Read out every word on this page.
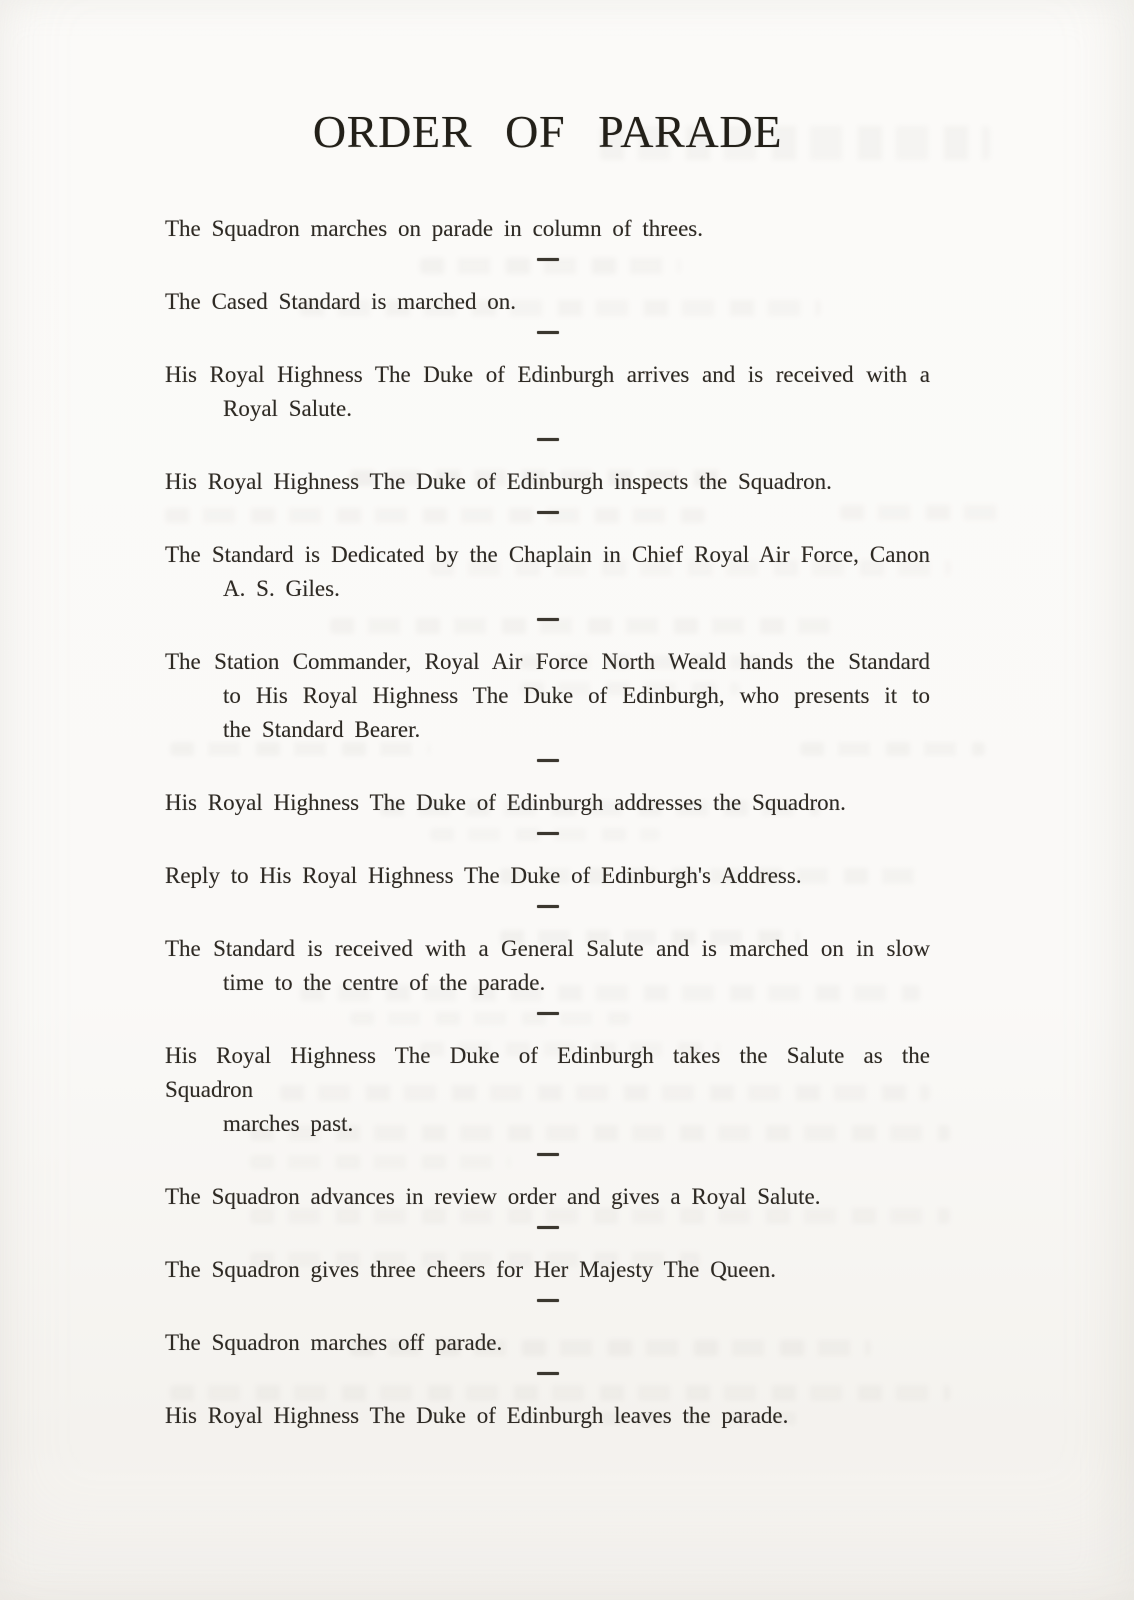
ORDER OF PARADE

The Squadron marches on parade in column of threes.

The Cased Standard is marched on.

His Royal Highness The Duke of Edinburgh arrives and is received with a
Royal Salute.

His Royal Highness The Duke of Edinburgh inspects the Squadron.

The Standard is Dedicated by the Chaplain in Chief Royal Air Force, Canon
A. S. Giles.

The Station Commander, Royal Air Force North Weald hands the Standard
to His Royal Highness The Duke of Edinburgh, who presents it to
the Standard Bearer.

His Royal Highness The Duke of Edinburgh addresses the Squadron.

Reply to His Royal Highness The Duke of Edinburgh's Address.

The Standard is received with a General Salute and is marched on in slow
time to the centre of the parade.

His Royal Highness The Duke of Edinburgh takes the Salute as the Squadron
marches past.

The Squadron advances in review order and gives a Royal Salute.

The Squadron gives three cheers for Her Majesty The Queen.

The Squadron marches off parade.

His Royal Highness The Duke of Edinburgh leaves the parade.
